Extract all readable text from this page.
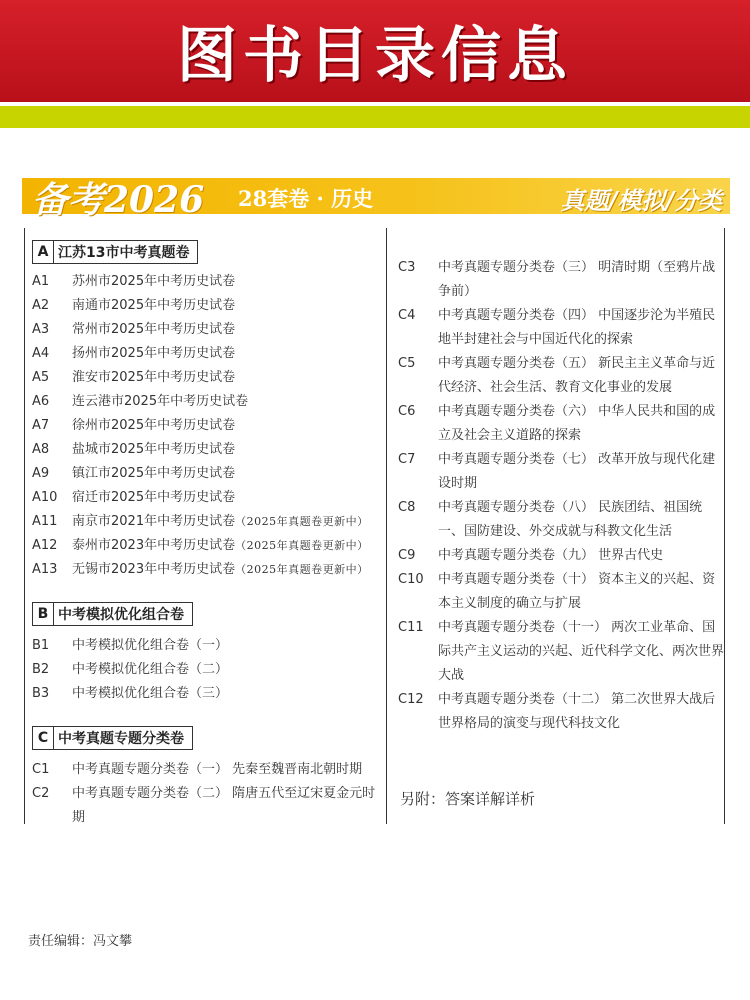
图书目录信息
备考2026 28套卷 · 历史	真题/模拟/分类
A 江苏13市中考真题卷
A1 苏州市2025年中考历史试卷
A2 南通市2025年中考历史试卷
A3 常州市2025年中考历史试卷
A4 扬州市2025年中考历史试卷
A5 淮安市2025年中考历史试卷
A6 连云港市2025年中考历史试卷
A7 徐州市2025年中考历史试卷
A8 盐城市2025年中考历史试卷
A9 镇江市2025年中考历史试卷
A10 宿迁市2025年中考历史试卷
A11 南京市2021年中考历史试卷（2025年真题卷更新中）
A12 泰州市2023年中考历史试卷（2025年真题卷更新中）
A13 无锡市2023年中考历史试卷（2025年真题卷更新中）
B 中考模拟优化组合卷
B1 中考模拟优化组合卷（一）
B2 中考模拟优化组合卷（二）
B3 中考模拟优化组合卷（三）
C 中考真题专题分类卷
C1 中考真题专题分类卷（一） 先秦至魏晋南北朝时期
C2 中考真题专题分类卷（二） 隋唐五代至辽宋夏金元时期
C3 中考真题专题分类卷（三） 明清时期（至鸦片战争前）
C4 中考真题专题分类卷（四） 中国逐步沦为半殖民地半封建社会与中国近代化的探索
C5 中考真题专题分类卷（五） 新民主主义革命与近代经济、社会生活、教育文化事业的发展
C6 中考真题专题分类卷（六） 中华人民共和国的成立及社会主义道路的探索
C7 中考真题专题分类卷（七） 改革开放与现代化建设时期
C8 中考真题专题分类卷（八） 民族团结、祖国统一、国防建设、外交成就与科教文化生活
C9 中考真题专题分类卷（九） 世界古代史
C10 中考真题专题分类卷（十） 资本主义的兴起、资本主义制度的确立与扩展
C11 中考真题专题分类卷（十一） 两次工业革命、国际共产主义运动的兴起、近代科学文化、两次世界大战
C12 中考真题专题分类卷（十二） 第二次世界大战后世界格局的演变与现代科技文化
另附：答案详解详析
责任编辑：冯文攀
